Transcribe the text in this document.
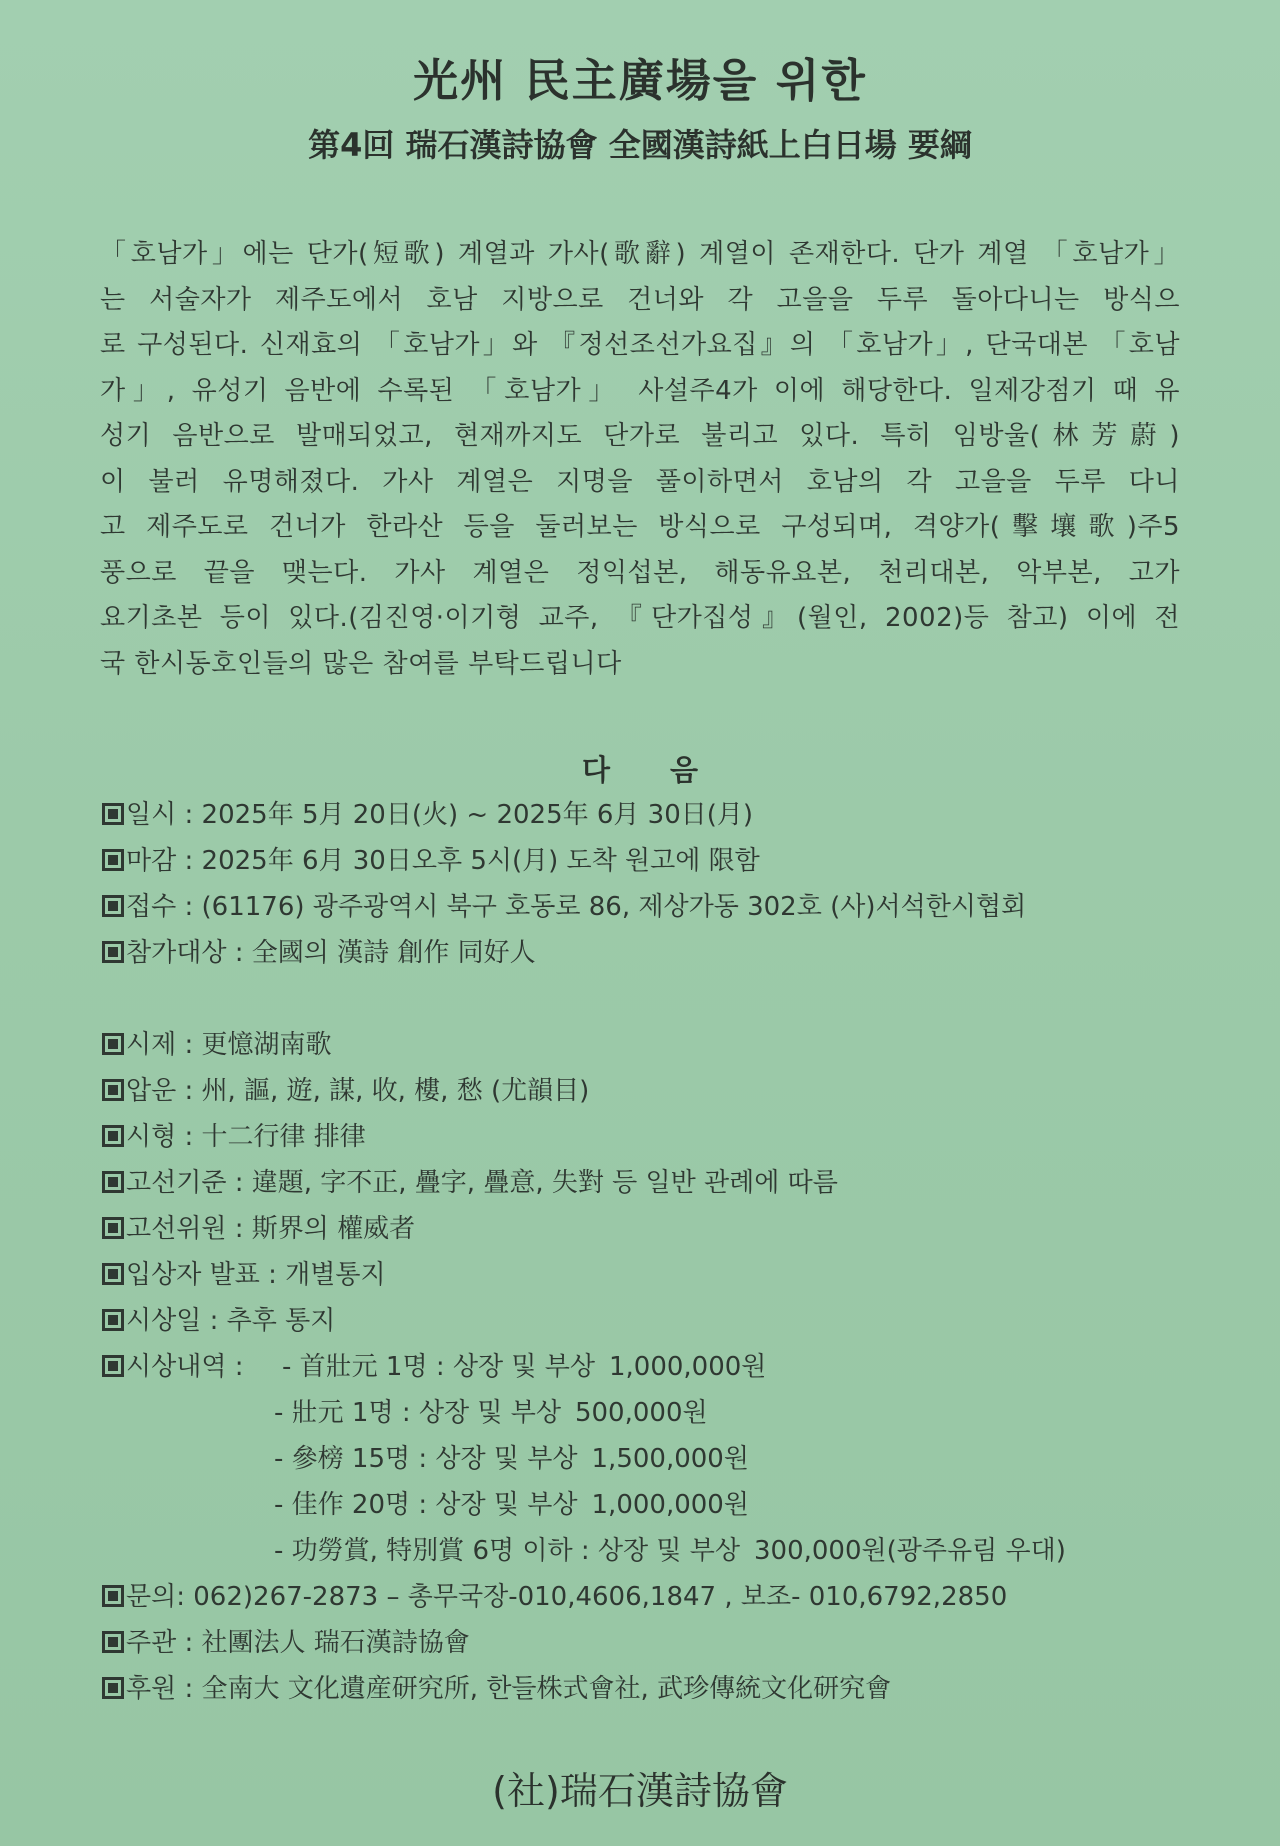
光州 民主廣場을 위한
第4回 瑞石漢詩協會 全國漢詩紙上白日場 要綱
「호남가」에는 단가(短歌) 계열과 가사(歌辭) 계열이 존재한다. 단가 계열 「호남가」
는 서술자가 제주도에서 호남 지방으로 건너와 각 고을을 두루 돌아다니는 방식으
로 구성된다. 신재효의 「호남가」와 『정선조선가요집』의 「호남가」, 단국대본 「호남
가」, 유성기 음반에 수록된 「호남가」 사설주4가 이에 해당한다. 일제강점기 때 유
성기 음반으로 발매되었고, 현재까지도 단가로 불리고 있다. 특히 임방울(林芳蔚)
이 불러 유명해졌다. 가사 계열은 지명을 풀이하면서 호남의 각 고을을 두루 다니
고 제주도로 건너가 한라산 등을 둘러보는 방식으로 구성되며, 격양가(擊壤歌)주5
풍으로 끝을 맺는다. 가사 계열은 정익섭본, 해동유요본, 천리대본, 악부본, 고가
요기초본 등이 있다.(김진영·이기형 교주, 『단가집성』(월인, 2002)등 참고) 이에 전
국 한시동호인들의 많은 참여를 부탁드립니다
다음
일시 : 2025年 5月 20日(火) ~ 2025年 6月 30日(月)
마감 : 2025年 6月 30日오후 5시(月) 도착 원고에 限함
접수 : (61176) 광주광역시 북구 호동로 86, 제상가동 302호 (사)서석한시협회
참가대상 : 全國의 漢詩 創作 同好人
시제 : 更憶湖南歌
압운 : 州, 謳, 遊, 謀, 收, 樓, 愁 (尤韻目)
시형 : 十二行律 排律
고선기준 : 違題, 字不正, 疊字, 疊意, 失對 등 일반 관례에 따름
고선위원 : 斯界의 權威者
입상자 발표 : 개별통지
시상일 : 추후 통지
시상내역 : - 首壯元 1명 : 상장 및 부상 1,000,000원
- 壯元 1명 : 상장 및 부상 500,000원
- 參榜 15명 : 상장 및 부상 1,500,000원
- 佳作 20명 : 상장 및 부상 1,000,000원
- 功勞賞, 特別賞 6명 이하 : 상장 및 부상 300,000원(광주유림 우대)
문의: 062)267-2873 – 총무국장-010,4606,1847 , 보조- 010,6792,2850
주관 : 社團法人 瑞石漢詩協會
후원 : 全南大 文化遺産研究所, 한들株式會社, 武珍傳統文化研究會
(社)瑞石漢詩協會
